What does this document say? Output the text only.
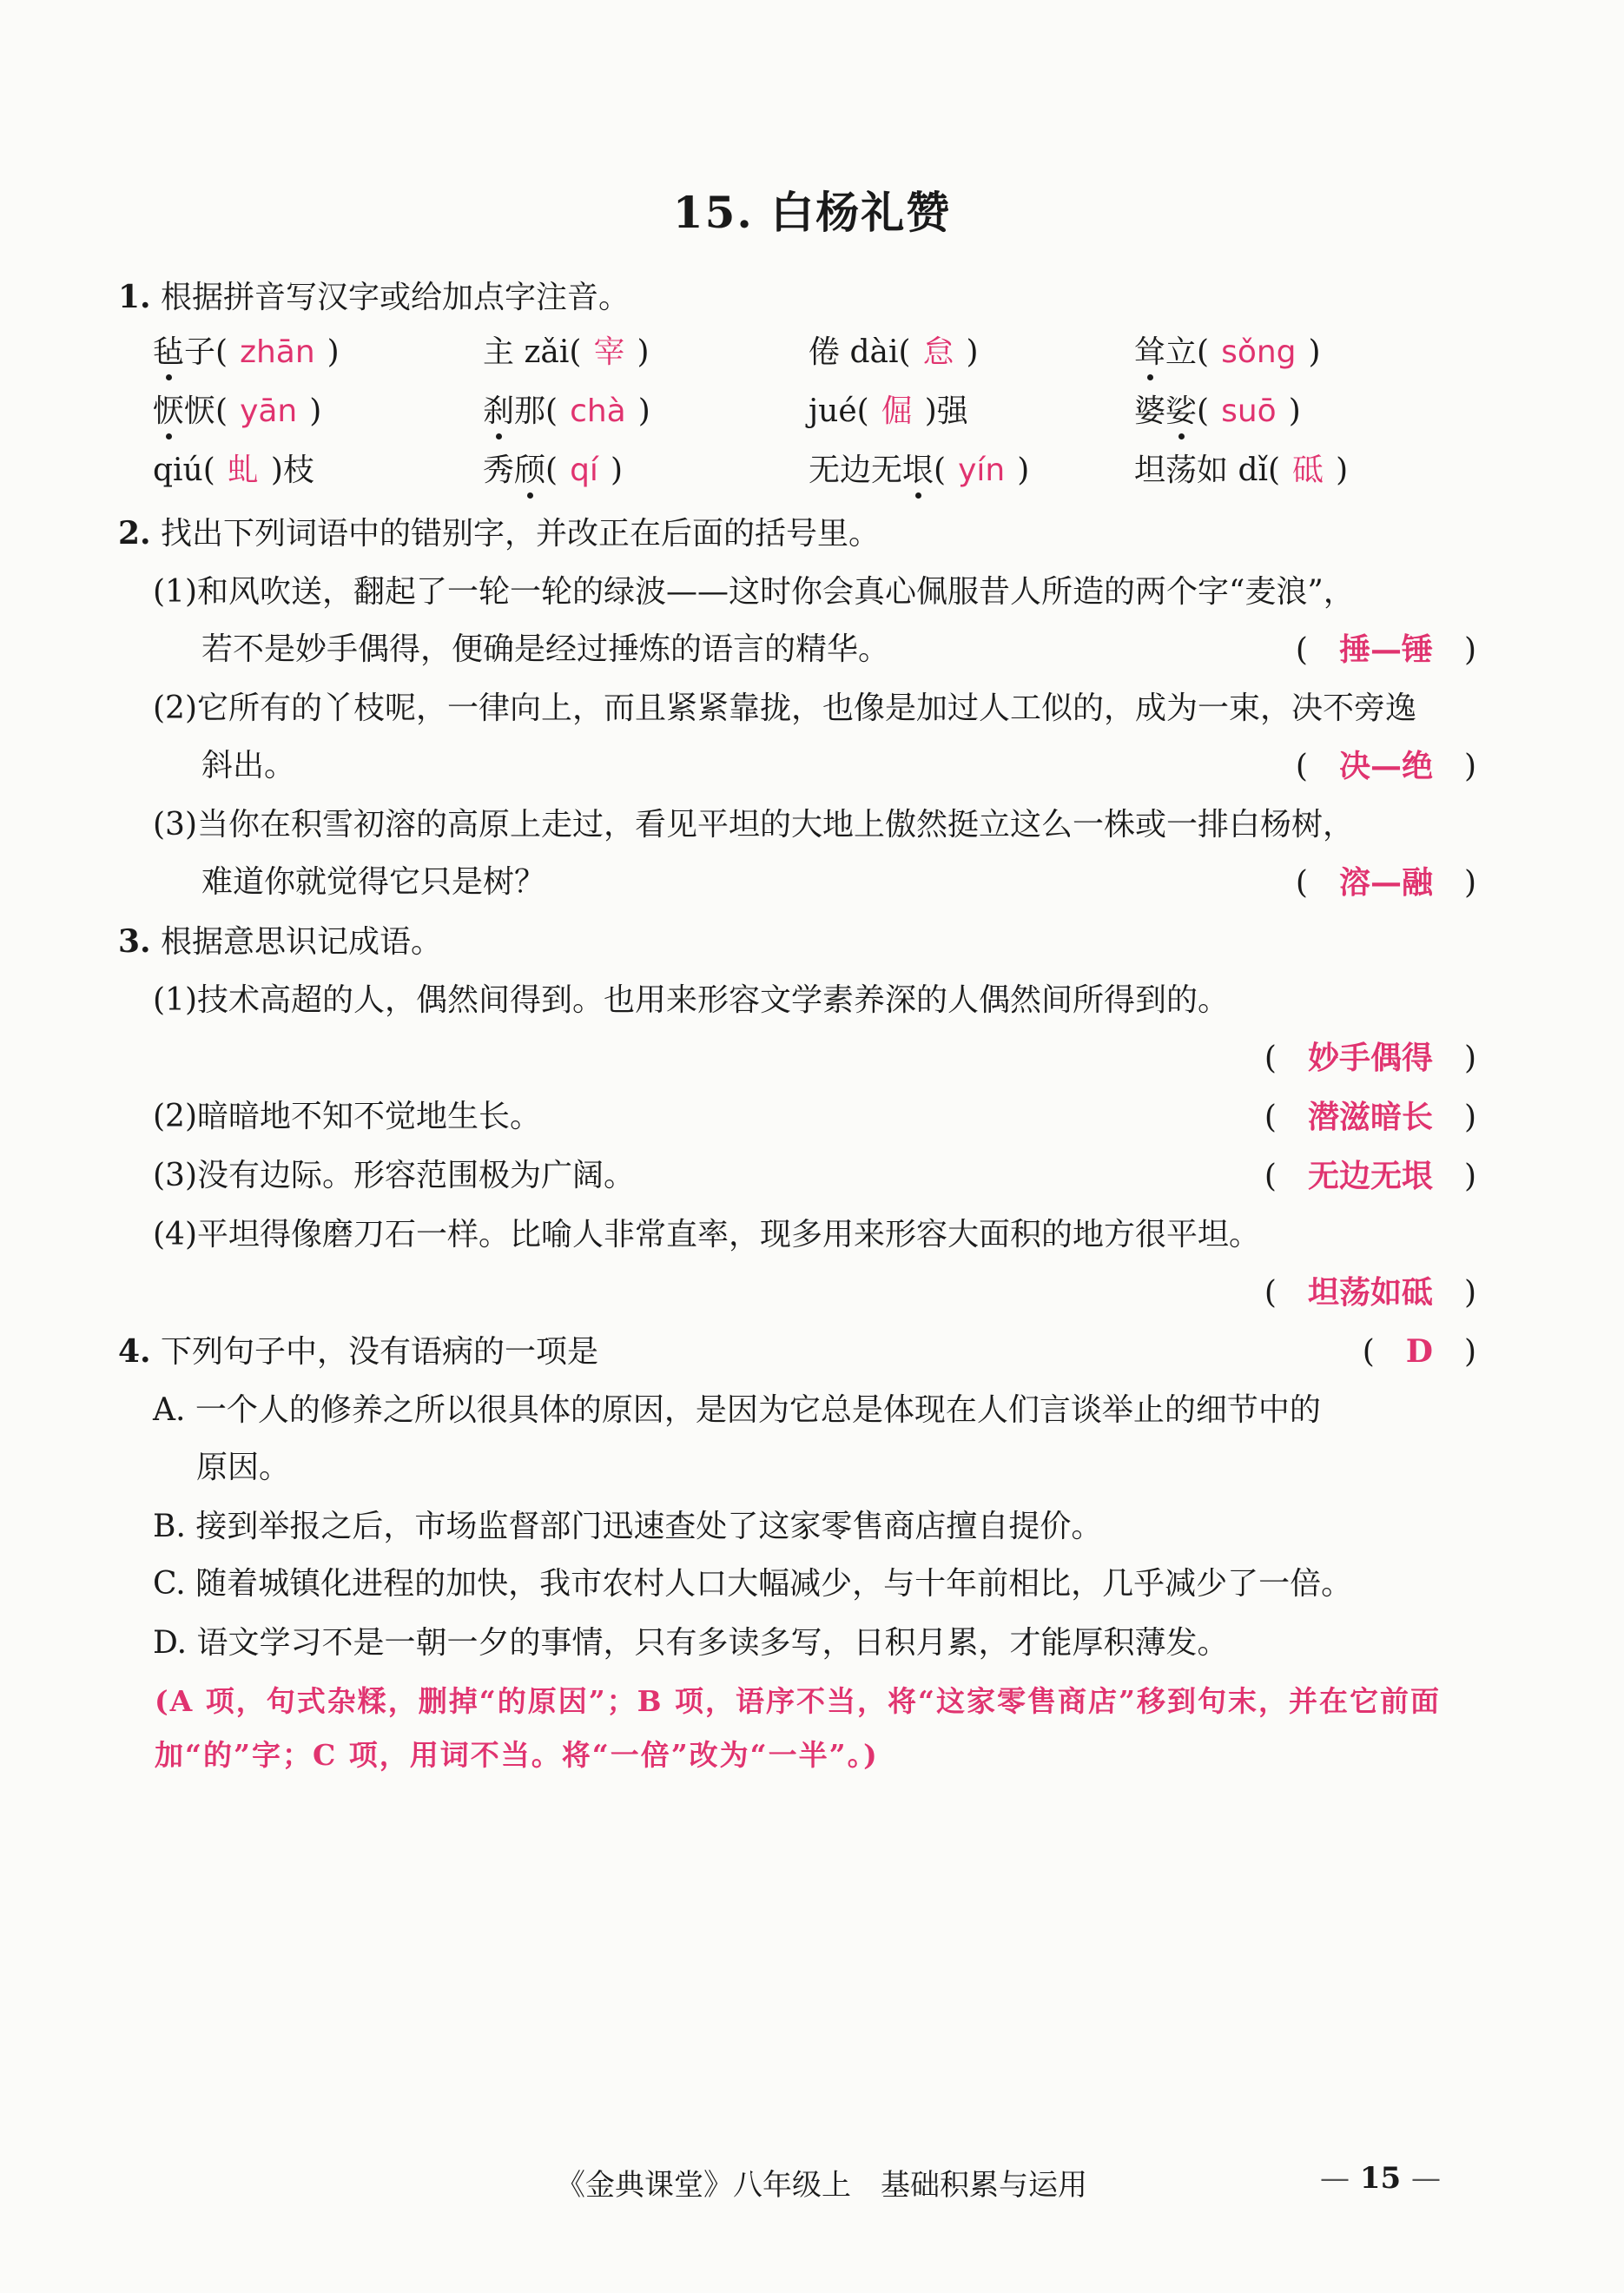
15. 白杨礼赞
1. 根据拼音写汉字或给加点字注音。
毡子( zhān )	主 zǎi( 宰 )	倦 dài( 怠 )	耸立( sǒng )
恹恹( yān )	刹那( chà )	jué( 倔 )强	婆娑( suō )
qiú( 虬 )枝	秀颀( qí )	无边无垠( yín )	坦荡如 dǐ( 砥 )
2. 找出下列词语中的错别字，并改正在后面的括号里。
(1)和风吹送，翻起了一轮一轮的绿波——这时你会真心佩服昔人所造的两个字“麦浪”，
若不是妙手偶得，便确是经过捶炼的语言的精华。	(　捶—锤　)
(2)它所有的丫枝呢，一律向上，而且紧紧靠拢，也像是加过人工似的，成为一束，决不旁逸
斜出。	(　决—绝　)
(3)当你在积雪初溶的高原上走过，看见平坦的大地上傲然挺立这么一株或一排白杨树，
难道你就觉得它只是树？	(　溶—融　)
3. 根据意思识记成语。
(1)技术高超的人，偶然间得到。也用来形容文学素养深的人偶然间所得到的。
(　妙手偶得　)
(2)暗暗地不知不觉地生长。	(　潜滋暗长　)
(3)没有边际。形容范围极为广阔。	(　无边无垠　)
(4)平坦得像磨刀石一样。比喻人非常直率，现多用来形容大面积的地方很平坦。
(　坦荡如砥　)
4. 下列句子中，没有语病的一项是	(　D　)
A. 一个人的修养之所以很具体的原因，是因为它总是体现在人们言谈举止的细节中的
原因。
B. 接到举报之后，市场监督部门迅速查处了这家零售商店擅自提价。
C. 随着城镇化进程的加快，我市农村人口大幅减少，与十年前相比，几乎减少了一倍。
D. 语文学习不是一朝一夕的事情，只有多读多写，日积月累，才能厚积薄发。
(A 项，句式杂糅，删掉“的原因”；B 项，语序不当，将“这家零售商店”移到句末，并在它前面加“的”字；C 项，用词不当。将“一倍”改为“一半”。)
《金典课堂》八年级上　基础积累与运用	— 15 —
